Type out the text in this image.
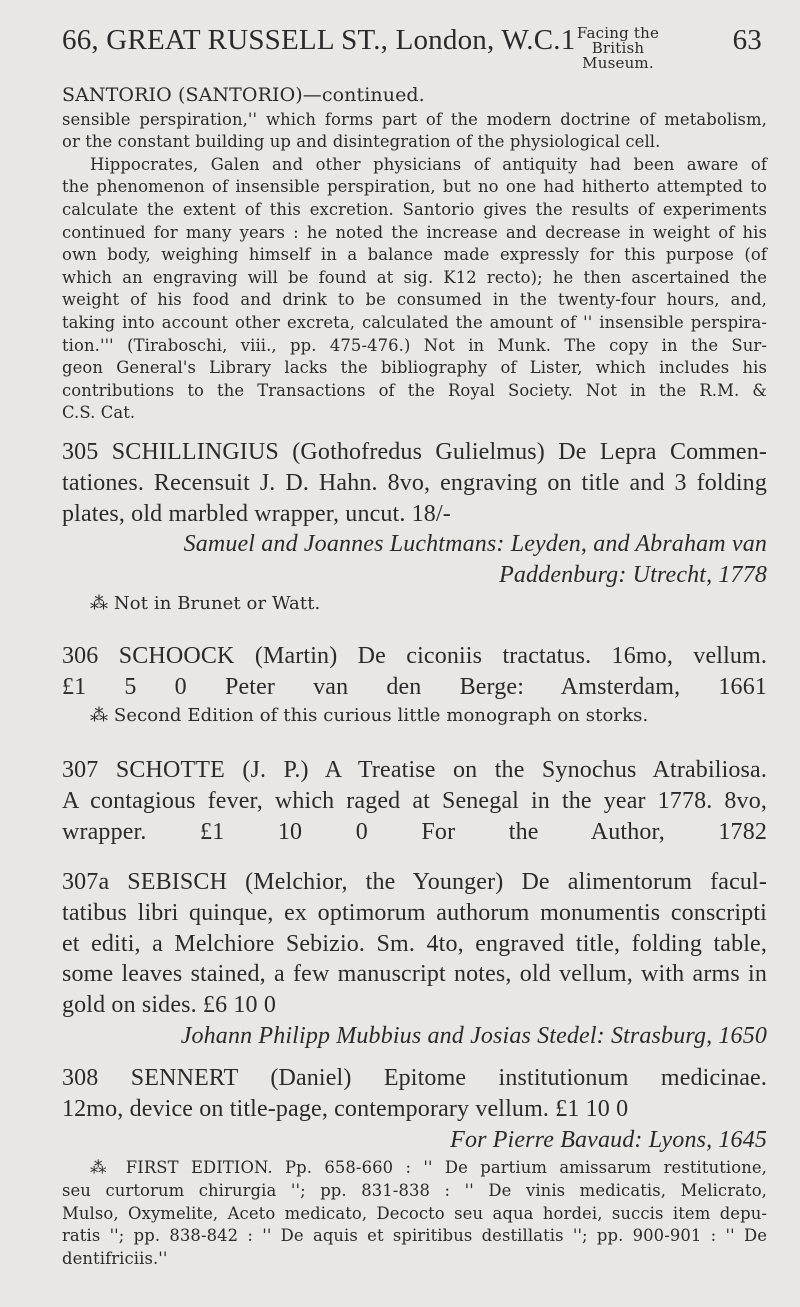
66, GREAT RUSSELL ST., London, W.C.1 Facing the
British Museum.
63
SANTORIO (SANTORIO)—continued.
sensible perspiration,'' which forms part of the modern doctrine of metabolism,
or the constant building up and disintegration of the physiological cell.
Hippocrates, Galen and other physicians of antiquity had been aware of
the phenomenon of insensible perspiration, but no one had hitherto attempted to
calculate the extent of this excretion. Santorio gives the results of experiments
continued for many years : he noted the increase and decrease in weight of his
own body, weighing himself in a balance made expressly for this purpose (of
which an engraving will be found at sig. K12 recto); he then ascertained the
weight of his food and drink to be consumed in the twenty-four hours, and,
taking into account other excreta, calculated the amount of '' insensible perspira-
tion.''' (Tiraboschi, viii., pp. 475-476.) Not in Munk. The copy in the Sur-
geon General's Library lacks the bibliography of Lister, which includes his
contributions to the Transactions of the Royal Society. Not in the R.M. &
C.S. Cat.
305 SCHILLINGIUS (Gothofredus Gulielmus) De Lepra Commen-
tationes. Recensuit J. D. Hahn. 8vo, engraving on title and 3 folding
plates, old marbled wrapper, uncut. 18/-
Samuel and Joannes Luchtmans: Leyden, and Abraham van
Paddenburg: Utrecht, 1778
⁂ Not in Brunet or Watt.
306 SCHOOCK (Martin) De ciconiis tractatus. 16mo, vellum.
£1 5 0 Peter van den Berge: Amsterdam, 1661
⁂ Second Edition of this curious little monograph on storks.
307 SCHOTTE (J. P.) A Treatise on the Synochus Atrabiliosa.
A contagious fever, which raged at Senegal in the year 1778. 8vo,
wrapper. £1 10 0 For the Author, 1782
307a SEBISCH (Melchior, the Younger) De alimentorum facul-
tatibus libri quinque, ex optimorum authorum monumentis conscripti
et editi, a Melchiore Sebizio. Sm. 4to, engraved title, folding table,
some leaves stained, a few manuscript notes, old vellum, with arms in
gold on sides. £6 10 0
Johann Philipp Mubbius and Josias Stedel: Strasburg, 1650
308 SENNERT (Daniel) Epitome institutionum medicinae.
12mo, device on title-page, contemporary vellum. £1 10 0
For Pierre Bavaud: Lyons, 1645
⁂ FIRST EDITION. Pp. 658-660 : '' De partium amissarum restitutione,
seu curtorum chirurgia ''; pp. 831-838 : '' De vinis medicatis, Melicrato,
Mulso, Oxymelite, Aceto medicato, Decocto seu aqua hordei, succis item depu-
ratis ''; pp. 838-842 : '' De aquis et spiritibus destillatis ''; pp. 900-901 : '' De
dentifriciis.''
